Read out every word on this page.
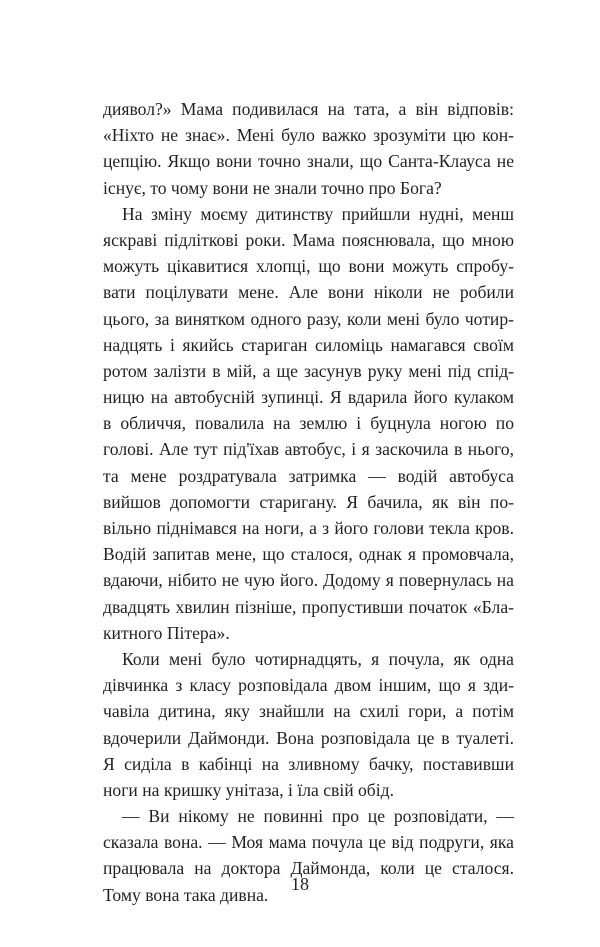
диявол?» Мама подивилася на тата, а він відповів:
«Ніхто не знає». Мені було важко зрозуміти цю кон-
цепцію. Якщо вони точно знали, що Санта-Клауса не
існує, то чому вони не знали точно про Бога?
На зміну моєму дитинству прийшли нудні, менш
яскраві підліткові роки. Мама пояснювала, що мною
можуть цікавитися хлопці, що вони можуть спробу-
вати поцілувати мене. Але вони ніколи не робили
цього, за винятком одного разу, коли мені було чотир-
надцять і якийсь стариган силоміць намагався своїм
ротом залізти в мій, а ще засунув руку мені під спід-
ницю на автобусній зупинці. Я вдарила його кулаком
в обличчя, повалила на землю і буцнула ногою по
голові. Але тут під'їхав автобус, і я заскочила в нього,
та мене роздратувала затримка — водій автобуса
вийшов допомогти старигану. Я бачила, як він по-
вільно піднімався на ноги, а з його голови текла кров.
Водій запитав мене, що сталося, однак я промовчала,
вдаючи, нібито не чую його. Додому я повернулась на
двадцять хвилин пізніше, пропустивши початок «Бла-
китного Пітера».
Коли мені було чотирнадцять, я почула, як одна
дівчинка з класу розповідала двом іншим, що я зди-
чавіла дитина, яку знайшли на схилі гори, а потім
вдочерили Даймонди. Вона розповідала це в туалеті.
Я сиділа в кабінці на зливному бачку, поставивши
ноги на кришку унітаза, і їла свій обід.
— Ви нікому не повинні про це розповідати, —
сказала вона. — Моя мама почула це від подруги, яка
працювала на доктора Даймонда, коли це сталося.
Тому вона така дивна.
18
